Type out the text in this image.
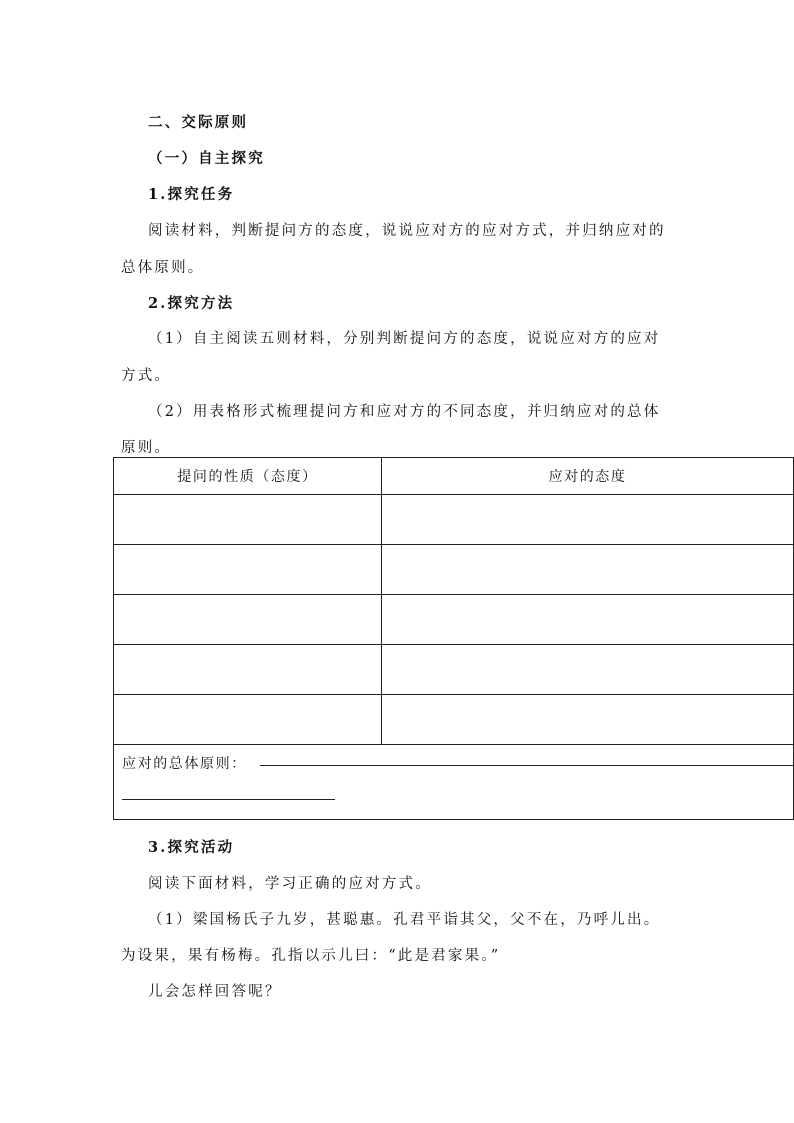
二、交际原则
（一）自主探究
1.探究任务
阅读材料，判断提问方的态度，说说应对方的应对方式，并归纳应对的
总体原则。
2.探究方法
（1）自主阅读五则材料，分别判断提问方的态度，说说应对方的应对
方式。
（2）用表格形式梳理提问方和应对方的不同态度，并归纳应对的总体
原则。
提问的性质（态度）	应对的态度

应对的总体原则：	
3.探究活动
阅读下面材料，学习正确的应对方式。
（1）梁国杨氏子九岁，甚聪惠。孔君平诣其父，父不在，乃呼儿出。
为设果，果有杨梅。孔指以示儿曰：“此是君家果。”
儿会怎样回答呢？
